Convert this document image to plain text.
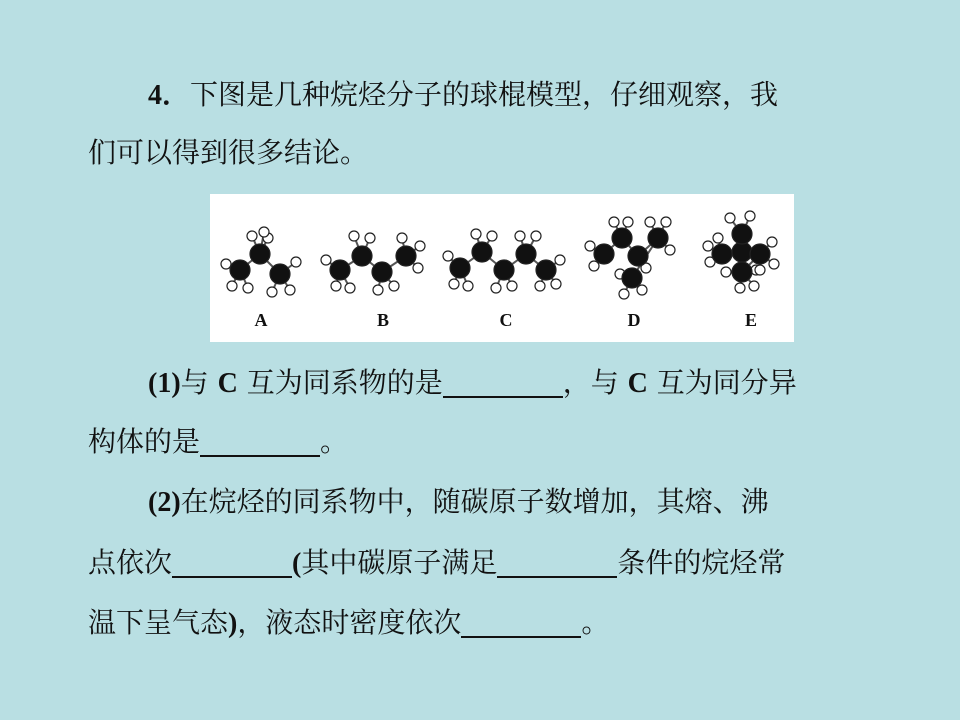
4．下图是几种烷烃分子的球棍模型，仔细观察，我
们可以得到很多结论。
A	B	C	D	E
(1)与 C 互为同系物的是	，与 C 互为同分异
构体的是	。
(2)在烷烃的同系物中，随碳原子数增加，其熔、沸
点依次	(其中碳原子满足	条件的烷烃常
温下呈气态)，液态时密度依次	。
